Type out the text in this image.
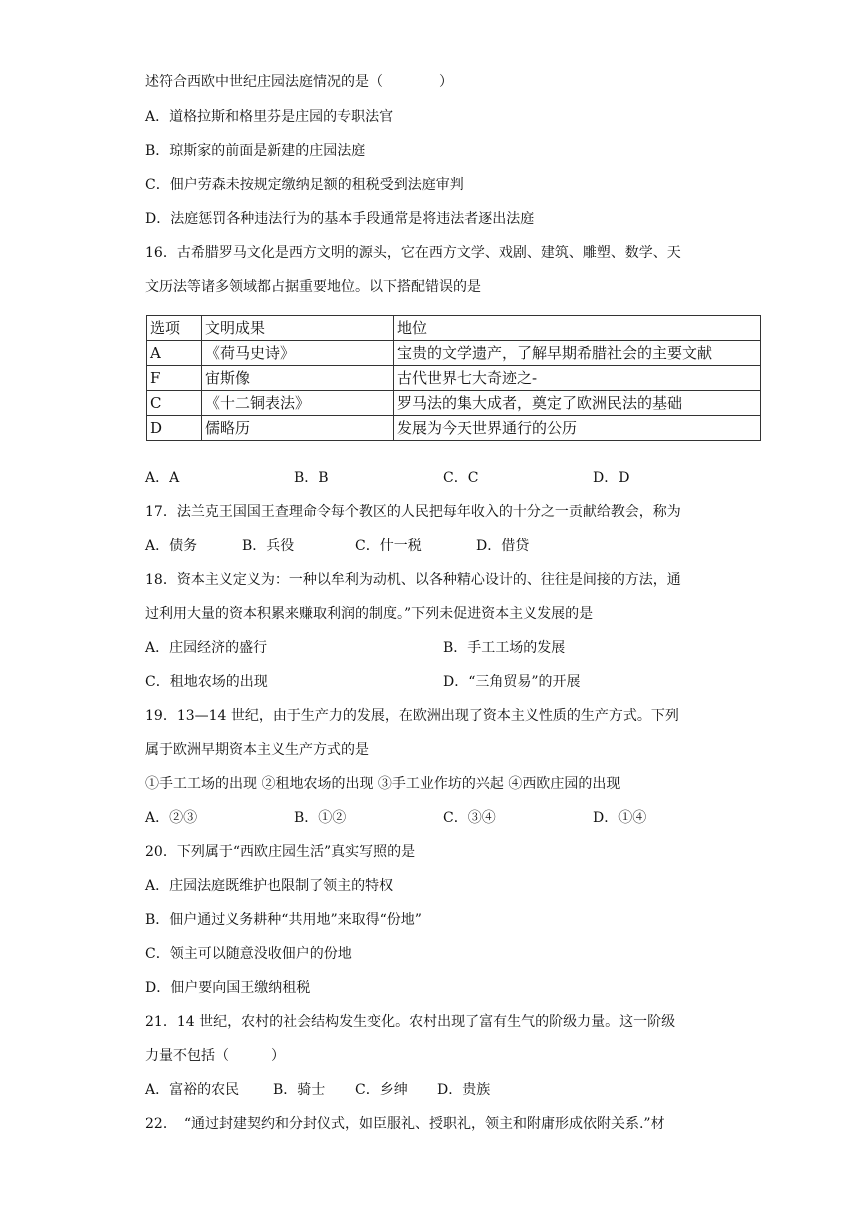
述符合西欧中世纪庄园法庭情况的是（　　　　）
A．道格拉斯和格里芬是庄园的专职法官
B．琼斯家的前面是新建的庄园法庭
C．佃户劳森未按规定缴纳足额的租税受到法庭审判
D．法庭惩罚各种违法行为的基本手段通常是将违法者逐出法庭
16．古希腊罗马文化是西方文明的源头，它在西方文学、戏剧、建筑、雕塑、数学、天
文历法等诸多领域都占据重要地位。以下搭配错误的是
选项	文明成果	地位
A	《荷马史诗》	宝贵的文学遗产，了解早期希腊社会的主要文献
F	宙斯像	古代世界七大奇迹之-
C	《十二铜表法》	罗马法的集大成者，奠定了欧洲民法的基础
D	儒略历	发展为今天世界通行的公历
A．A	B．B	C．C	D．D
17．法兰克王国国王查理命令每个教区的人民把每年收入的十分之一贡献给教会，称为
A．债务	B．兵役	C．什一税	D．借贷
18．资本主义定义为：一种以牟利为动机、以各种精心设计的、往往是间接的方法，通
过利用大量的资本积累来赚取利润的制度。”下列未促进资本主义发展的是
A．庄园经济的盛行	B．手工工场的发展
C．租地农场的出现	D．“三角贸易”的开展
19．13—14 世纪，由于生产力的发展，在欧洲出现了资本主义性质的生产方式。下列
属于欧洲早期资本主义生产方式的是
①手工工场的出现 ②租地农场的出现 ③手工业作坊的兴起 ④西欧庄园的出现
A．②③	B．①②	C．③④	D．①④
20．下列属于“西欧庄园生活”真实写照的是
A．庄园法庭既维护也限制了领主的特权
B．佃户通过义务耕种“共用地”来取得“份地”
C．领主可以随意没收佃户的份地
D．佃户要向国王缴纳租税
21．14 世纪，农村的社会结构发生变化。农村出现了富有生气的阶级力量。这一阶级
力量不包括（　　　）
A．富裕的农民 B．骑士 C．乡绅 D．贵族
22．　“通过封建契约和分封仪式，如臣服礼、授职礼，领主和附庸形成依附关系.”材
